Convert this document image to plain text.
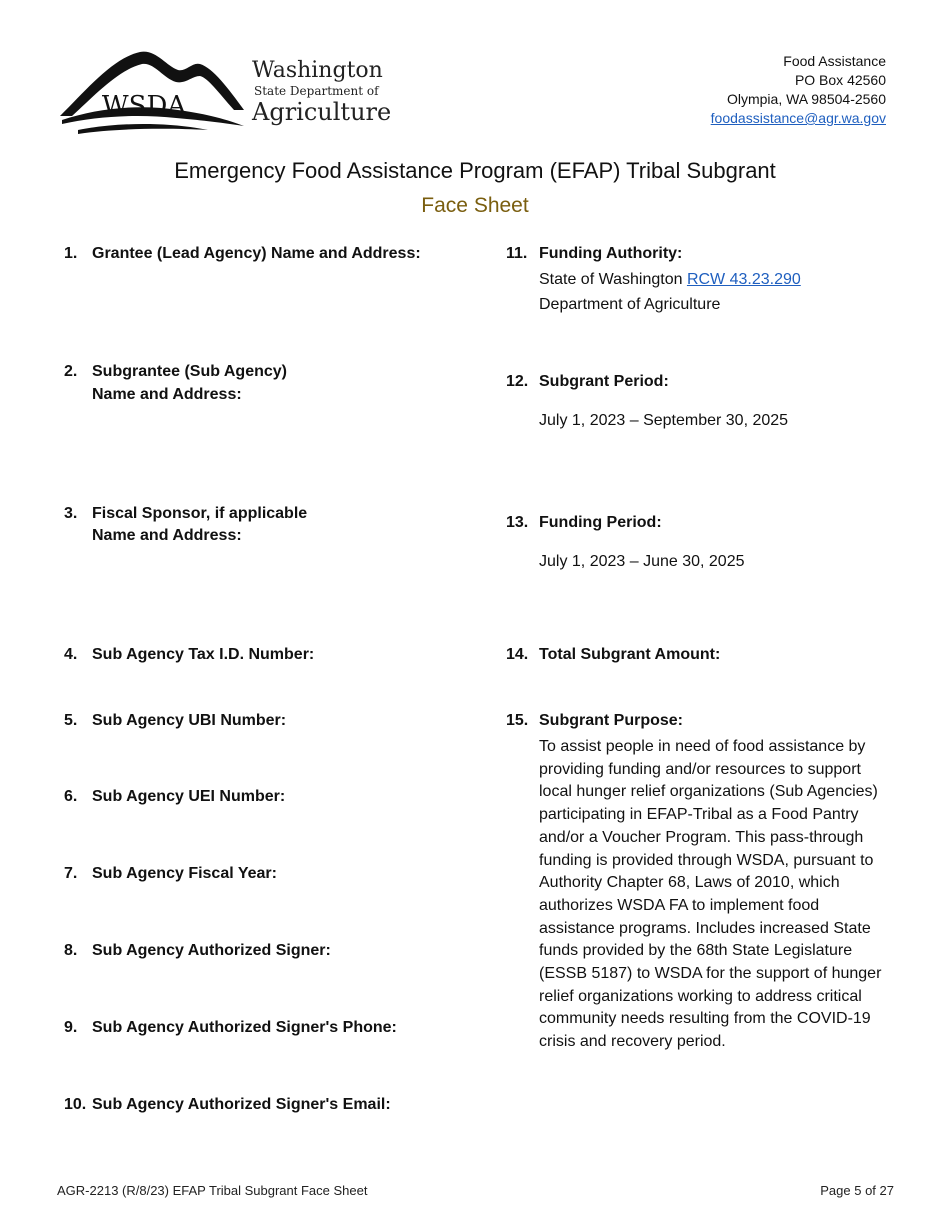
WSDA
Washington
State Department of
Agriculture
Food Assistance
PO Box 42560
Olympia, WA 98504-2560
foodassistance@agr.wa.gov
Emergency Food Assistance Program (EFAP) Tribal Subgrant
Face Sheet
1. Grantee (Lead Agency) Name and Address:
2. Subgrantee (Sub Agency)
Name and Address:
3. Fiscal Sponsor, if applicable
Name and Address:
4. Sub Agency Tax I.D. Number:
5. Sub Agency UBI Number:
6. Sub Agency UEI Number:
7. Sub Agency Fiscal Year:
8. Sub Agency Authorized Signer:
9. Sub Agency Authorized Signer's Phone:
10. Sub Agency Authorized Signer's Email:
11. Funding Authority:
State of Washington RCW 43.23.290
Department of Agriculture
12. Subgrant Period:
July 1, 2023 – September 30, 2025
13. Funding Period:
July 1, 2023 – June 30, 2025
14. Total Subgrant Amount:
15. Subgrant Purpose:
To assist people in need of food assistance by providing funding and/or resources to support local hunger relief organizations (Sub Agencies) participating in EFAP-Tribal as a Food Pantry and/or a Voucher Program. This pass-through funding is provided through WSDA, pursuant to Authority Chapter 68, Laws of 2010, which authorizes WSDA FA to implement food assistance programs. Includes increased State funds provided by the 68th State Legislature (ESSB 5187) to WSDA for the support of hunger relief organizations working to address critical community needs resulting from the COVID-19 crisis and recovery period.
AGR-2213 (R/8/23) EFAP Tribal Subgrant Face Sheet	Page 5 of 27
